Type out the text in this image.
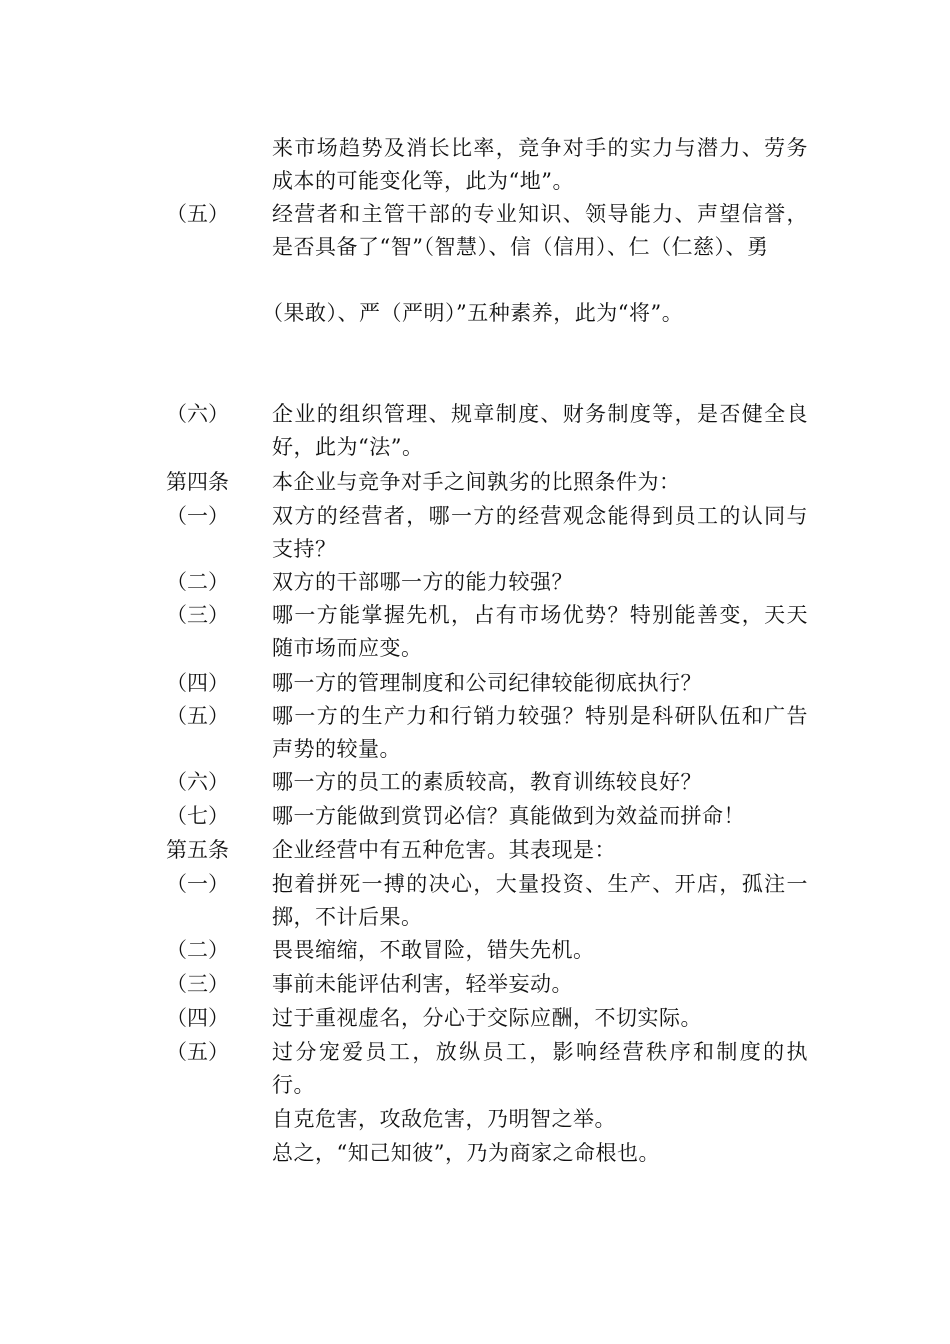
来市场趋势及消长比率，竞争对手的实力与潜力、劳务成本的可能变化等，此为“地”。
（五） 经营者和主管干部的专业知识、领导能力、声望信誉，是否具备了“智”（智慧）、信（信用）、仁（仁慈）、勇
（果敢）、严（严明）”五种素养，此为“将”。
（六） 企业的组织管理、规章制度、财务制度等，是否健全良好，此为“法”。
第四条 本企业与竞争对手之间孰劣的比照条件为：
（一） 双方的经营者，哪一方的经营观念能得到员工的认同与支持？
（二） 双方的干部哪一方的能力较强？
（三） 哪一方能掌握先机，占有市场优势？特别能善变，天天随市场而应变。
（四） 哪一方的管理制度和公司纪律较能彻底执行？
（五） 哪一方的生产力和行销力较强？特别是科研队伍和广告声势的较量。
（六） 哪一方的员工的素质较高，教育训练较良好？
（七） 哪一方能做到赏罚必信？真能做到为效益而拼命！
第五条 企业经营中有五种危害。其表现是：
（一） 抱着拼死一搏的决心，大量投资、生产、开店，孤注一掷，不计后果。
（二） 畏畏缩缩，不敢冒险，错失先机。
（三） 事前未能评估利害，轻举妄动。
（四） 过于重视虚名，分心于交际应酬，不切实际。
（五） 过分宠爱员工，放纵员工，影响经营秩序和制度的执行。
自克危害，攻敌危害，乃明智之举。
总之，“知己知彼”，乃为商家之命根也。
